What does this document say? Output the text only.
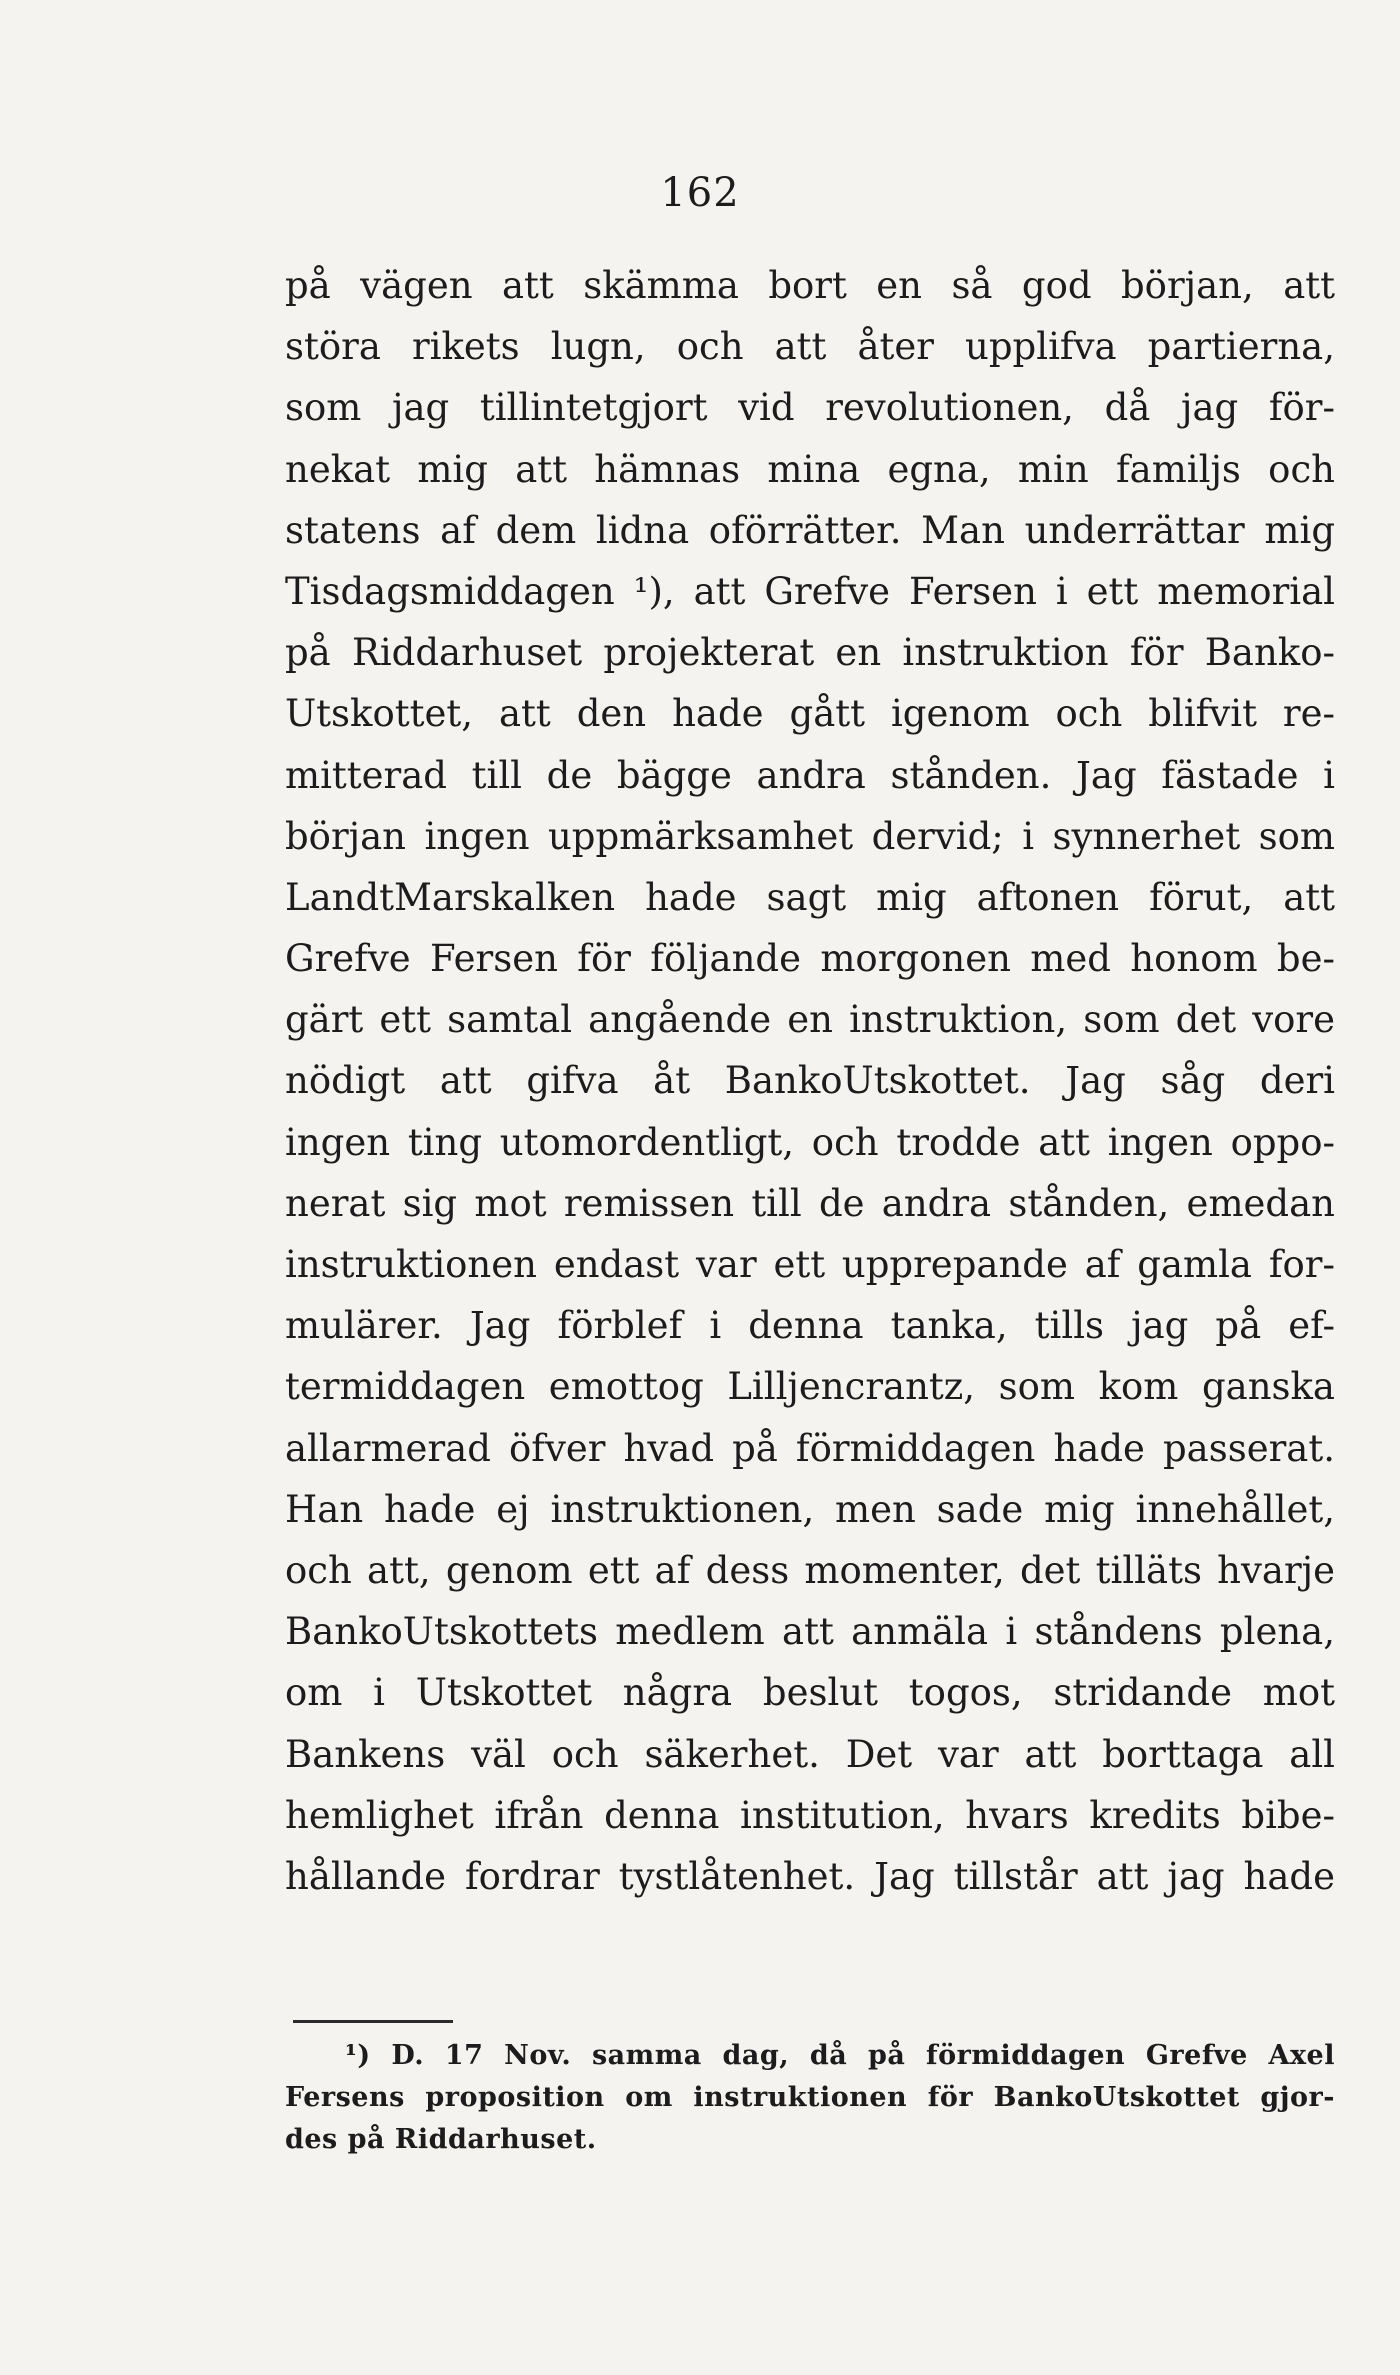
162
på vägen att skämma bort en så god början, att
störa rikets lugn, och att åter upplifva partierna,
som jag tillintetgjort vid revolutionen, då jag för-
nekat mig att hämnas mina egna, min familjs och
statens af dem lidna oförrätter. Man underrättar mig
Tisdagsmiddagen ¹), att Grefve Fersen i ett memorial
på Riddarhuset projekterat en instruktion för Banko-
Utskottet, att den hade gått igenom och blifvit re-
mitterad till de bägge andra stånden. Jag fästade i
början ingen uppmärksamhet dervid; i synnerhet som
LandtMarskalken hade sagt mig aftonen förut, att
Grefve Fersen för följande morgonen med honom be-
gärt ett samtal angående en instruktion, som det vore
nödigt att gifva åt BankoUtskottet. Jag såg deri
ingen ting utomordentligt, och trodde att ingen oppo-
nerat sig mot remissen till de andra stånden, emedan
instruktionen endast var ett upprepande af gamla for-
mulärer. Jag förblef i denna tanka, tills jag på ef-
termiddagen emottog Lilljencrantz, som kom ganska
allarmerad öfver hvad på förmiddagen hade passerat.
Han hade ej instruktionen, men sade mig innehållet,
och att, genom ett af dess momenter, det tilläts hvarje
BankoUtskottets medlem att anmäla i ståndens plena,
om i Utskottet några beslut togos, stridande mot
Bankens väl och säkerhet. Det var att borttaga all
hemlighet ifrån denna institution, hvars kredits bibe-
hållande fordrar tystlåtenhet. Jag tillstår att jag hade
¹) D. 17 Nov. samma dag, då på förmiddagen Grefve Axel
Fersens proposition om instruktionen för BankoUtskottet gjor-
des på Riddarhuset.
